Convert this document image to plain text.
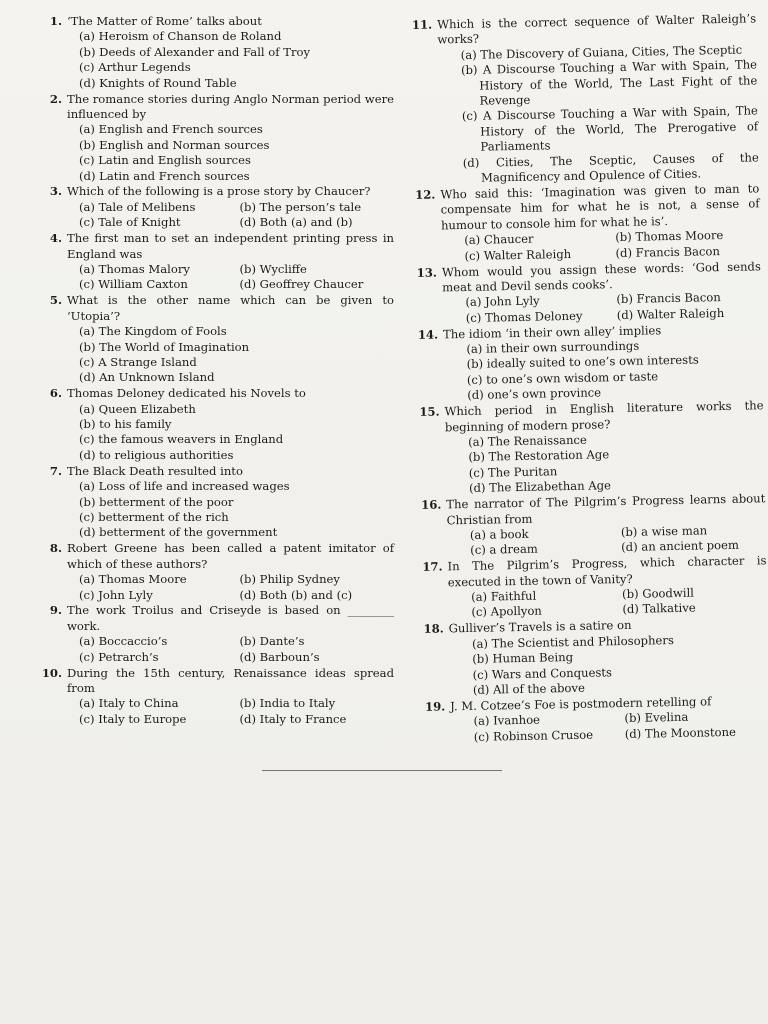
1. ‘The Matter of Rome’ talks about
(a) Heroism of Chanson de Roland
(b) Deeds of Alexander and Fall of Troy
(c) Arthur Legends
(d) Knights of Round Table
2. The romance stories during Anglo Norman period were influenced by
(a) English and French sources
(b) English and Norman sources
(c) Latin and English sources
(d) Latin and French sources
3. Which of the following is a prose story by Chaucer?
(a) Tale of Melibens	(b) The person’s tale
(c) Tale of Knight	(d) Both (a) and (b)
4. The first man to set an independent printing press in England was
(a) Thomas Malory	(b) Wycliffe
(c) William Caxton	(d) Geoffrey Chaucer
5. What is the other name which can be given to ‘Utopia’?
(a) The Kingdom of Fools
(b) The World of Imagination
(c) A Strange Island
(d) An Unknown Island
6. Thomas Deloney dedicated his Novels to
(a) Queen Elizabeth
(b) to his family
(c) the famous weavers in England
(d) to religious authorities
7. The Black Death resulted into
(a) Loss of life and increased wages
(b) betterment of the poor
(c) betterment of the rich
(d) betterment of the government
8. Robert Greene has been called a patent imitator of which of these authors?
(a) Thomas Moore	(b) Philip Sydney
(c) John Lyly	(d) Both (b) and (c)
9. The work Troilus and Criseyde is based on ________ work.
(a) Boccaccio’s	(b) Dante’s
(c) Petrarch’s	(d) Barboun’s
10. During the 15th century, Renaissance ideas spread from
(a) Italy to China	(b) India to Italy
(c) Italy to Europe	(d) Italy to France
11. Which is the correct sequence of Walter Raleigh’s works?
(a) The Discovery of Guiana, Cities, The Sceptic
(b) A Discourse Touching a War with Spain, The History of the World, The Last Fight of the Revenge
(c) A Discourse Touching a War with Spain, The History of the World, The Prerogative of Parliaments
(d) Cities, The Sceptic, Causes of the Magnificency and Opulence of Cities.
12. Who said this: ‘Imagination was given to man to compensate him for what he is not, a sense of humour to console him for what he is’.
(a) Chaucer	(b) Thomas Moore
(c) Walter Raleigh	(d) Francis Bacon
13. Whom would you assign these words: ‘God sends meat and Devil sends cooks’.
(a) John Lyly	(b) Francis Bacon
(c) Thomas Deloney	(d) Walter Raleigh
14. The idiom ‘in their own alley’ implies
(a) in their own surroundings
(b) ideally suited to one’s own interests
(c) to one’s own wisdom or taste
(d) one’s own province
15. Which period in English literature works the beginning of modern prose?
(a) The Renaissance
(b) The Restoration Age
(c) The Puritan
(d) The Elizabethan Age
16. The narrator of The Pilgrim’s Progress learns about Christian from
(a) a book	(b) a wise man
(c) a dream	(d) an ancient poem
17. In The Pilgrim’s Progress, which character is executed in the town of Vanity?
(a) Faithful	(b) Goodwill
(c) Apollyon	(d) Talkative
18. Gulliver’s Travels is a satire on
(a) The Scientist and Philosophers
(b) Human Being
(c) Wars and Conquests
(d) All of the above
19. J. M. Cotzee’s Foe is postmodern retelling of
(a) Ivanhoe	(b) Evelina
(c) Robinson Crusoe	(d) The Moonstone
